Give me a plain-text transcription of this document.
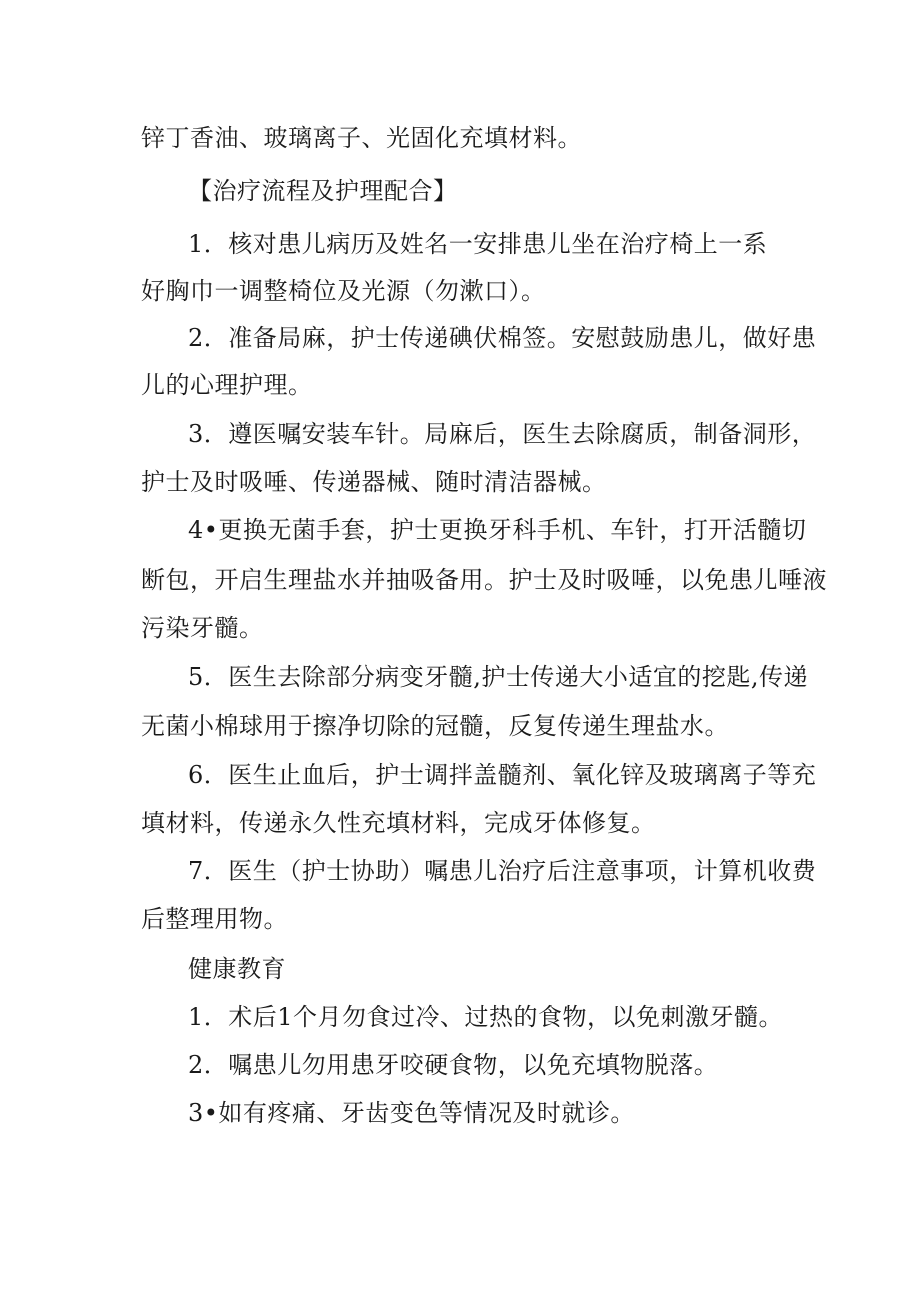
锌丁香油、玻璃离子、光固化充填材料。
【治疗流程及护理配合】
1．核对患儿病历及姓名一安排患儿坐在治疗椅上一系
好胸巾一调整椅位及光源（勿漱口）。
2．准备局麻，护士传递碘伏棉签。安慰鼓励患儿，做好患
儿的心理护理。
3．遵医嘱安装车针。局麻后，医生去除腐质，制备洞形，
护士及时吸唾、传递器械、随时清洁器械。
4•更换无菌手套，护士更换牙科手机、车针，打开活髓切
断包，开启生理盐水并抽吸备用。护士及时吸唾，以免患儿唾液
污染牙髓。
5．医生去除部分病变牙髓,护士传递大小适宜的挖匙,传递
无菌小棉球用于擦净切除的冠髓，反复传递生理盐水。
6．医生止血后，护士调拌盖髓剂、氧化锌及玻璃离子等充
填材料，传递永久性充填材料，完成牙体修复。
7．医生（护士协助）嘱患儿治疗后注意事项，计算机收费
后整理用物。
健康教育
1．术后1个月勿食过冷、过热的食物，以免刺激牙髓。
2．嘱患儿勿用患牙咬硬食物，以免充填物脱落。
3•如有疼痛、牙齿变色等情况及时就诊。
